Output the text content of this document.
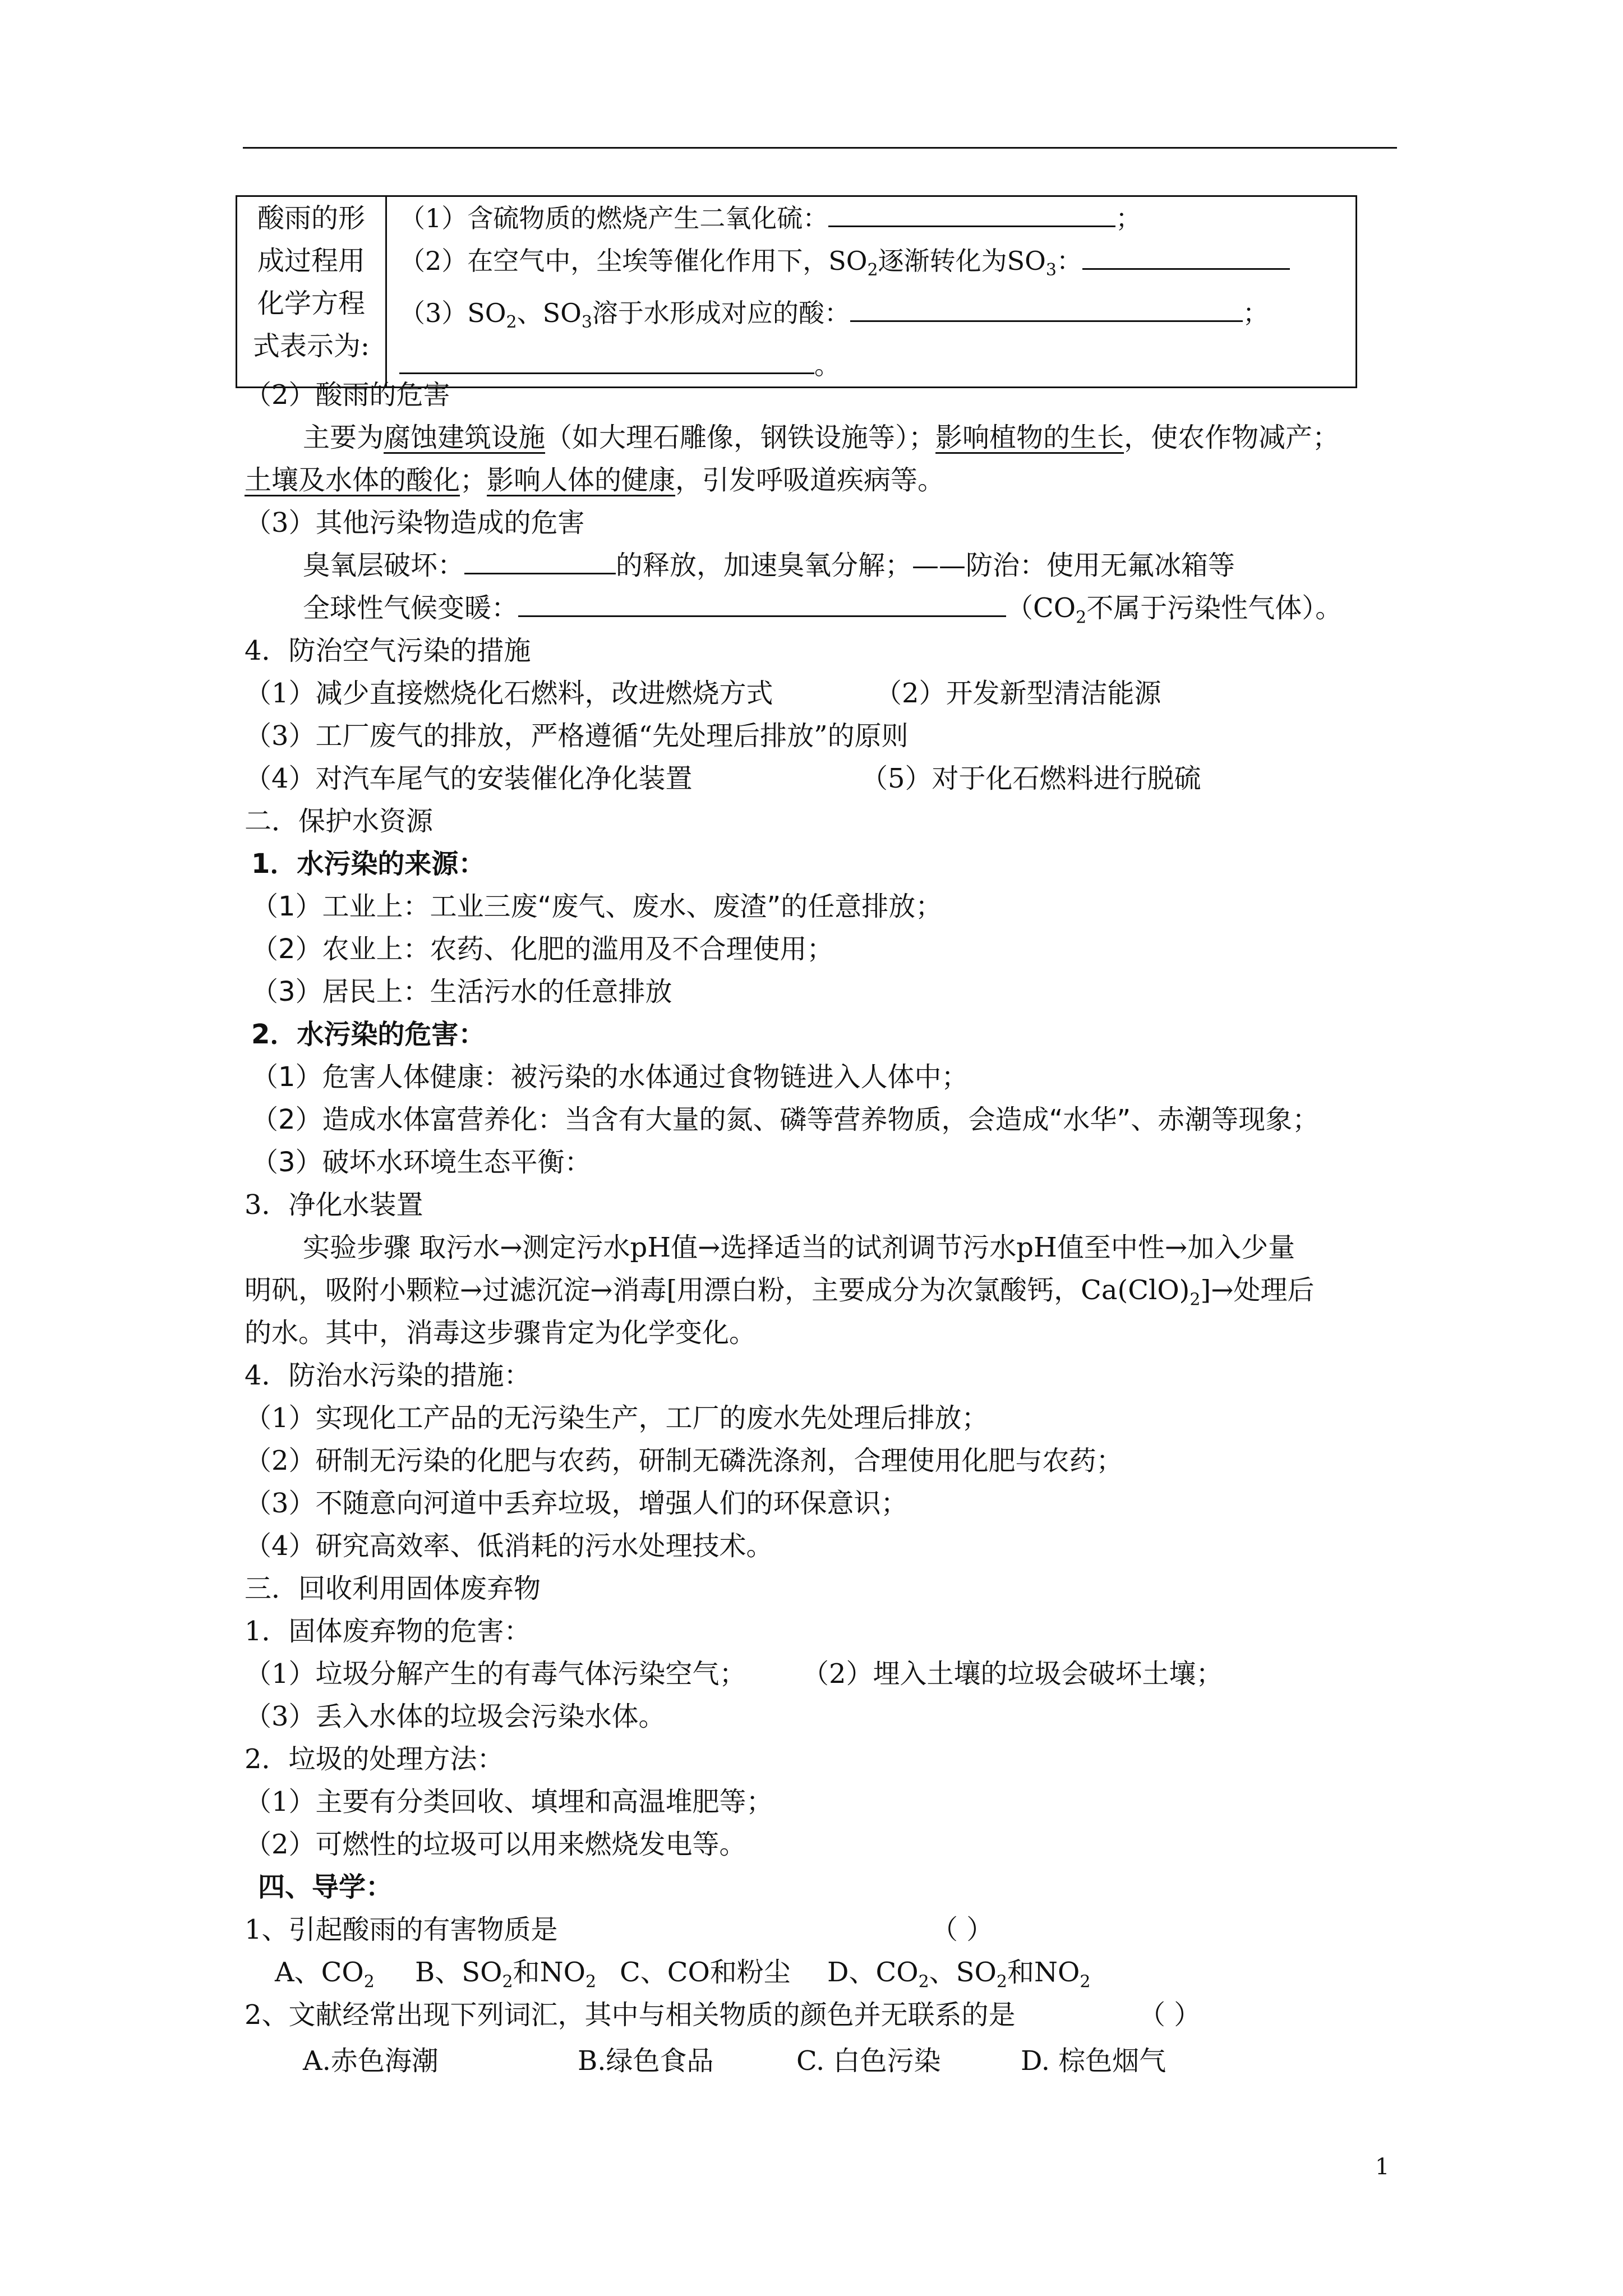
酸雨的形
成过程用
化学方程
式表示为:

（1）含硫物质的燃烧产生二氧化硫：	；
（2）在空气中，尘埃等催化作用下，$SO_2$逐渐转化为$SO_3$：
$(3)SO_2$、$SO_3$溶于水形成对应的酸：	；
。
（2）酸雨的危害
主要为腐蚀建筑设施（如大理石雕像，钢铁设施等）；影响植物的生长，使农作物减产；
土壤及水体的酸化；影响人体的健康，引发呼吸道疾病等。
（3）其他污染物造成的危害
臭氧层破坏：	的释放，加速臭氧分解；——防治：使用无氟冰箱等
全球性气候变暖：	（$CO_2$不属于污染性气体）。
4．防治空气污染的措施
（1）减少直接燃烧化石燃料，改进燃烧方式	（2）开发新型清洁能源
（3）工厂废气的排放，严格遵循“先处理后排放”的原则
（4）对汽车尾气的安装催化净化装置	（5）对于化石燃料进行脱硫
二．保护水资源
1．水污染的来源：
（1）工业上：工业三废“废气、废水、废渣”的任意排放；
（2）农业上：农药、化肥的滥用及不合理使用；
（3）居民上：生活污水的任意排放
2．水污染的危害：
（1）危害人体健康：被污染的水体通过食物链进入人体中；
（2）造成水体富营养化：当含有大量的氮、磷等营养物质，会造成“水华”、赤潮等现象；
（3）破坏水环境生态平衡：
3．净化水装置
实验步骤 取污水→测定污水pH值→选择适当的试剂调节污水pH值至中性→加入少量
明矾，吸附小颗粒→过滤沉淀→消毒[用漂白粉，主要成分为次氯酸钙，$Ca(ClO)_2]\to$处理后
的水。其中，消毒这步骤肯定为化学变化。
4．防治水污染的措施：
（1）实现化工产品的无污染生产，工厂的废水先处理后排放；
（2）研制无污染的化肥与农药，研制无磷洗涤剂，合理使用化肥与农药；
（3）不随意向河道中丢弃垃圾，增强人们的环保意识；
（4）研究高效率、低消耗的污水处理技术。
三．回收利用固体废弃物
1．固体废弃物的危害：
（1）垃圾分解产生的有毒气体污染空气； （2）埋入土壤的垃圾会破坏土壤；
（3）丢入水体的垃圾会污染水体。
2．垃圾的处理方法：
（1）主要有分类回收、填埋和高温堆肥等；
（2）可燃性的垃圾可以用来燃烧发电等。
四、导学：
1、引起酸雨的有害物质是	（ ）
A、$CO_2$ B、$SO_2$和$NO_2$ C、CO和粉尘 D、$CO_2$、$SO_2$和$NO_2$
2、文献经常出现下列词汇，其中与相关物质的颜色并无联系的是	（ ）
A.赤色海潮	B.绿色食品	C. 白色污染	D. 棕色烟气
1
